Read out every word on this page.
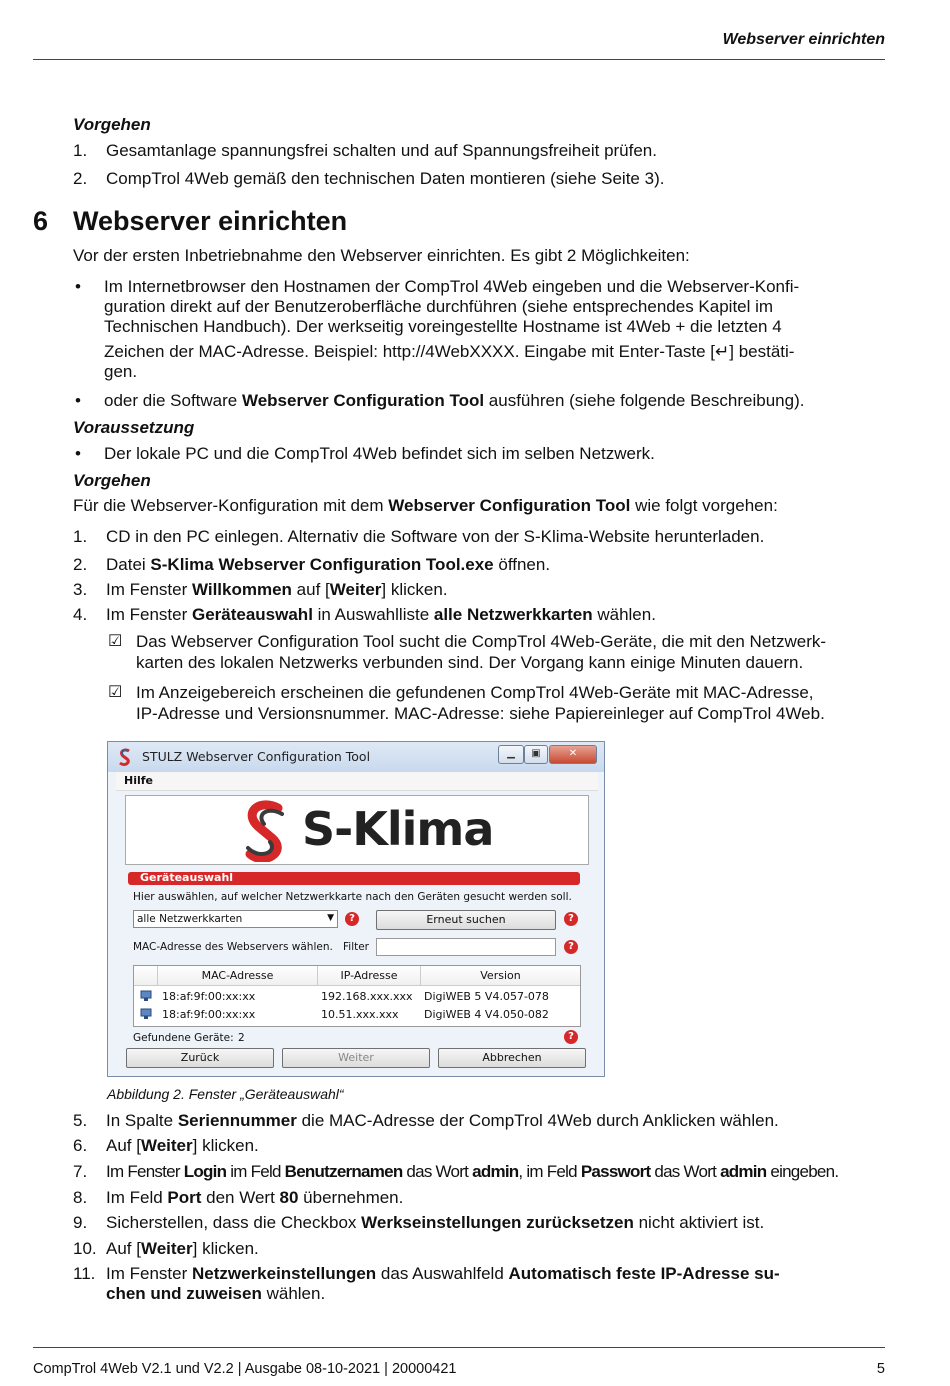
Webserver einrichten
Vorgehen
1. Gesamtanlage spannungsfrei schalten und auf Spannungsfreiheit prüfen.
2. CompTrol 4Web gemäß den technischen Daten montieren (siehe Seite 3).
6 Webserver einrichten
Vor der ersten Inbetriebnahme den Webserver einrichten. Es gibt 2 Möglichkeiten:
• Im Internetbrowser den Hostnamen der CompTrol 4Web eingeben und die Webserver-Konfi-
guration direkt auf der Benutzeroberfläche durchführen (siehe entsprechendes Kapitel im
Technischen Handbuch). Der werkseitig voreingestellte Hostname ist 4Web + die letzten 4
Zeichen der MAC-Adresse. Beispiel: http://4WebXXXX. Eingabe mit Enter-Taste [↵] bestäti-
gen.
• oder die Software Webserver Configuration Tool ausführen (siehe folgende Beschreibung).
Voraussetzung
• Der lokale PC und die CompTrol 4Web befindet sich im selben Netzwerk.
Vorgehen
Für die Webserver-Konfiguration mit dem Webserver Configuration Tool wie folgt vorgehen:
1. CD in den PC einlegen. Alternativ die Software von der S-Klima-Website herunterladen.
2. Datei S-Klima Webserver Configuration Tool.exe öffnen.
3. Im Fenster Willkommen auf [Weiter] klicken.
4. Im Fenster Geräteauswahl in Auswahlliste alle Netzwerkkarten wählen.
☑ Das Webserver Configuration Tool sucht die CompTrol 4Web-Geräte, die mit den Netzwerk-
karten des lokalen Netzwerks verbunden sind. Der Vorgang kann einige Minuten dauern.
☑ Im Anzeigebereich erscheinen die gefundenen CompTrol 4Web-Geräte mit MAC-Adresse,
IP-Adresse und Versionsnummer. MAC-Adresse: siehe Papiereinleger auf CompTrol 4Web.
STULZ Webserver Configuration Tool	▁	▣	✕
Hilfe
S-Klima
Geräteauswahl
Hier auswählen, auf welcher Netzwerkkarte nach den Geräten gesucht werden soll.
alle Netzwerkkarten	▼	?	Erneut suchen	?
MAC-Adresse des Webservers wählen. Filter	?
MAC-Adresse	IP-Adresse	Version
18:af:9f:00:xx:xx	192.168.xxx.xxx DigiWEB 5 V4.057-078
18:af:9f:00:xx:xx	10.51.xxx.xxx DigiWEB 4 V4.050-082
Gefundene Geräte: 2	?
Zurück	Weiter	Abbrechen
Abbildung 2. Fenster „Geräteauswahl“
5. In Spalte Seriennummer die MAC-Adresse der CompTrol 4Web durch Anklicken wählen.
6. Auf [Weiter] klicken.
7. Im Fenster Login im Feld Benutzernamen das Wort admin, im Feld Passwort das Wort admin eingeben.
8. Im Feld Port den Wert 80 übernehmen.
9. Sicherstellen, dass die Checkbox Werkseinstellungen zurücksetzen nicht aktiviert ist.
10. Auf [Weiter] klicken.
11. Im Fenster Netzwerkeinstellungen das Auswahlfeld Automatisch feste IP-Adresse su-
chen und zuweisen wählen.
CompTrol 4Web V2.1 und V2.2 | Ausgabe 08-10-2021 | 20000421	5
